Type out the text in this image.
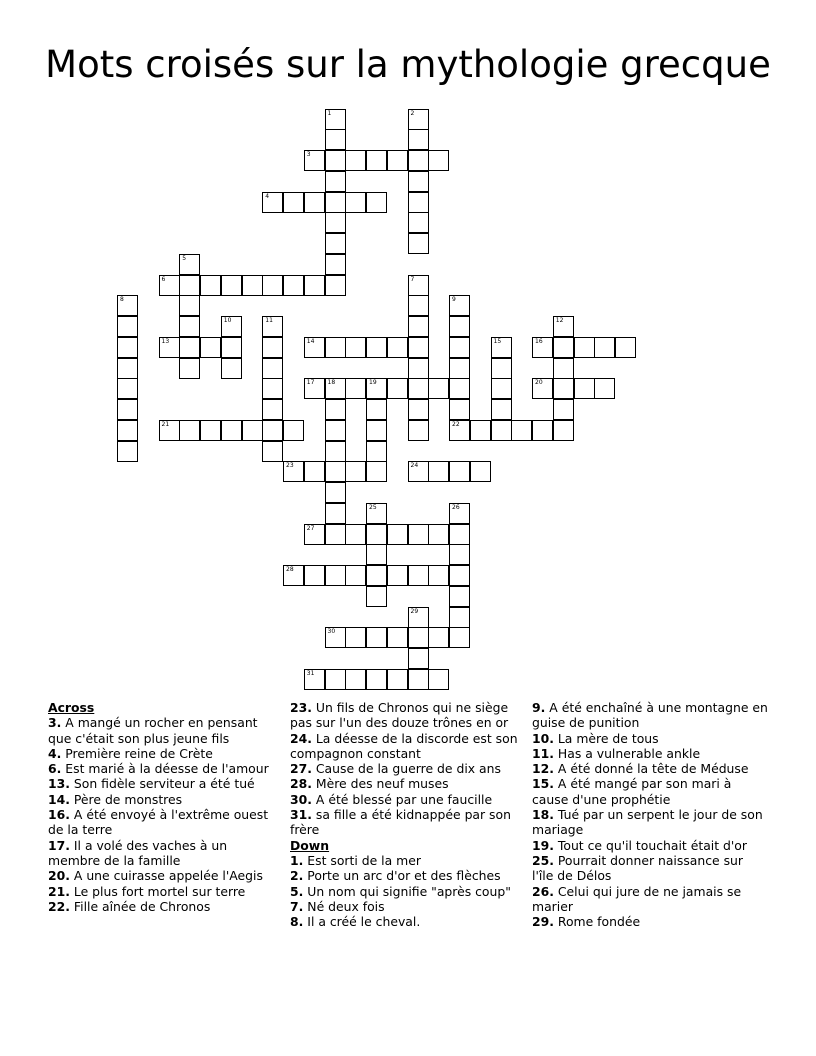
Mots croisés sur la mythologie grecque
1	2
3
4
5
6	7
8	9
22
10	11	12
13	14	15	16
17 18	19	20
21
23	24
25	26
27
28
29
30
31
Across
3. A mangé un rocher en pensant que c'était son plus jeune fils
4. Première reine de Crète
6. Est marié à la déesse de l'amour
13. Son fidèle serviteur a été tué
14. Père de monstres
16. A été envoyé à l'extrême ouest de la terre
17. Il a volé des vaches à un membre de la famille
20. A une cuirasse appelée l'Aegis
21. Le plus fort mortel sur terre
22. Fille aînée de Chronos
23. Un fils de Chronos qui ne siège pas sur l'un des douze trônes en or
24. La déesse de la discorde est son compagnon constant
27. Cause de la guerre de dix ans
28. Mère des neuf muses
30. A été blessé par une faucille
31. sa fille a été kidnappée par son frère
Down
1. Est sorti de la mer
2. Porte un arc d'or et des flèches
5. Un nom qui signifie "après coup"
7. Né deux fois
8. Il a créé le cheval.
9. A été enchaîné à une montagne en guise de punition
10. La mère de tous
11. Has a vulnerable ankle
12. A été donné la tête de Méduse
15. A été mangé par son mari à cause d'une prophétie
18. Tué par un serpent le jour de son mariage
19. Tout ce qu'il touchait était d'or
25. Pourrait donner naissance sur l'île de Délos
26. Celui qui jure de ne jamais se marier
29. Rome fondée
